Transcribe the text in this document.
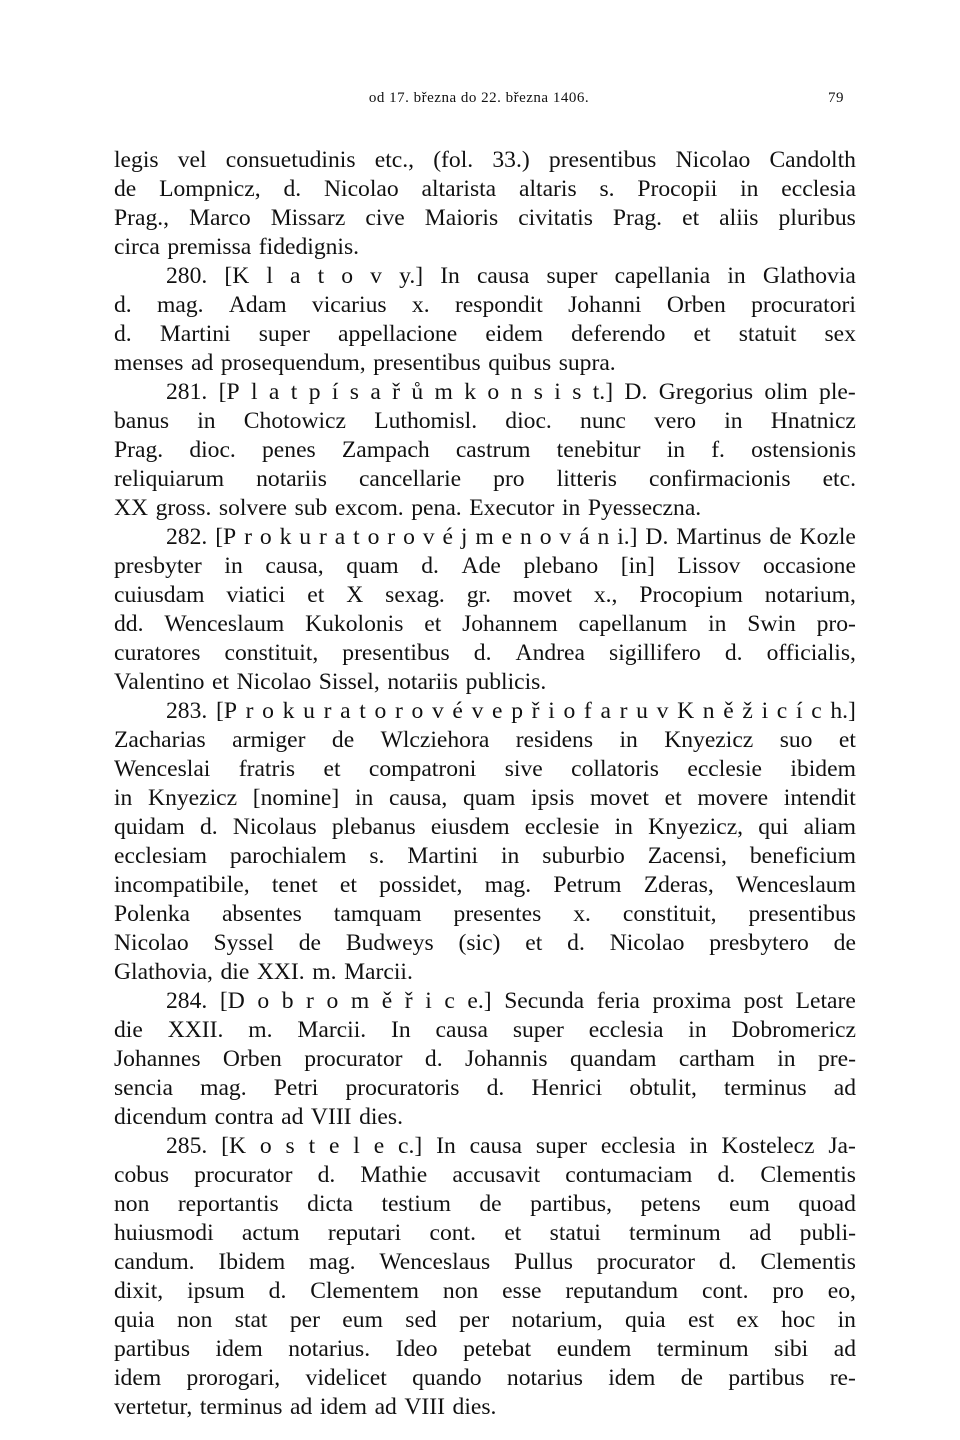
od 17. března do 22. března 1406.	79
legis vel consuetudinis etc., (fol. 33.) presentibus Nicolao Candolth
de Lompnicz, d. Nicolao altarista altaris s. Procopii in ecclesia
Prag., Marco Missarz cive Maioris civitatis Prag. et aliis pluribus
circa premissa fidedignis.
280. [K l a t o v y.] In causa super capellania in Glathovia
d. mag. Adam vicarius x. respondit Johanni Orben procuratori
d. Martini super appellacione eidem deferendo et statuit sex
menses ad prosequendum, presentibus quibus supra.
281. [P l a t p í s a ř ů m k o n s i s t.] D. Gregorius olim ple-
banus in Chotowicz Luthomisl. dioc. nunc vero in Hnatnicz
Prag. dioc. penes Zampach castrum tenebitur in f. ostensionis
reliquiarum notariis cancellarie pro litteris confirmacionis etc.
XX gross. solvere sub excom. pena. Executor in Pyesseczna.
282. [P r o k u r a t o r o v é j m e n o v á n i.] D. Martinus de Kozle
presbyter in causa, quam d. Ade plebano [in] Lissov occasione
cuiusdam viatici et X sexag. gr. movet x., Procopium notarium,
dd. Wenceslaum Kukolonis et Johannem capellanum in Swin pro-
curatores constituit, presentibus d. Andrea sigillifero d. officialis,
Valentino et Nicolao Sissel, notariis publicis.
283. [P r o k u r a t o r o v é v e p ř i o f a r u v K n ě ž i c í c h.]
Zacharias armiger de Wlcziehora residens in Knyezicz suo et
Wenceslai fratris et compatroni sive collatoris ecclesie ibidem
in Knyezicz [nomine] in causa, quam ipsis movet et movere intendit
quidam d. Nicolaus plebanus eiusdem ecclesie in Knyezicz, qui aliam
ecclesiam parochialem s. Martini in suburbio Zacensi, beneficium
incompatibile, tenet et possidet, mag. Petrum Zderas, Wenceslaum
Polenka absentes tamquam presentes x. constituit, presentibus
Nicolao Syssel de Budweys (sic) et d. Nicolao presbytero de
Glathovia, die XXI. m. Marcii.
284. [D o b r o m ě ř i c e.] Secunda feria proxima post Letare
die XXII. m. Marcii. In causa super ecclesia in Dobromericz
Johannes Orben procurator d. Johannis quandam cartham in pre-
sencia mag. Petri procuratoris d. Henrici obtulit, terminus ad
dicendum contra ad VIII dies.
285. [K o s t e l e c.] In causa super ecclesia in Kostelecz Ja-
cobus procurator d. Mathie accusavit contumaciam d. Clementis
non reportantis dicta testium de partibus, petens eum quoad
huiusmodi actum reputari cont. et statui terminum ad publi-
candum. Ibidem mag. Wenceslaus Pullus procurator d. Clementis
dixit, ipsum d. Clementem non esse reputandum cont. pro eo,
quia non stat per eum sed per notarium, quia est ex hoc in
partibus idem notarius. Ideo petebat eundem terminum sibi ad
idem prorogari, videlicet quando notarius idem de partibus re-
vertetur, terminus ad idem ad VIII dies.
